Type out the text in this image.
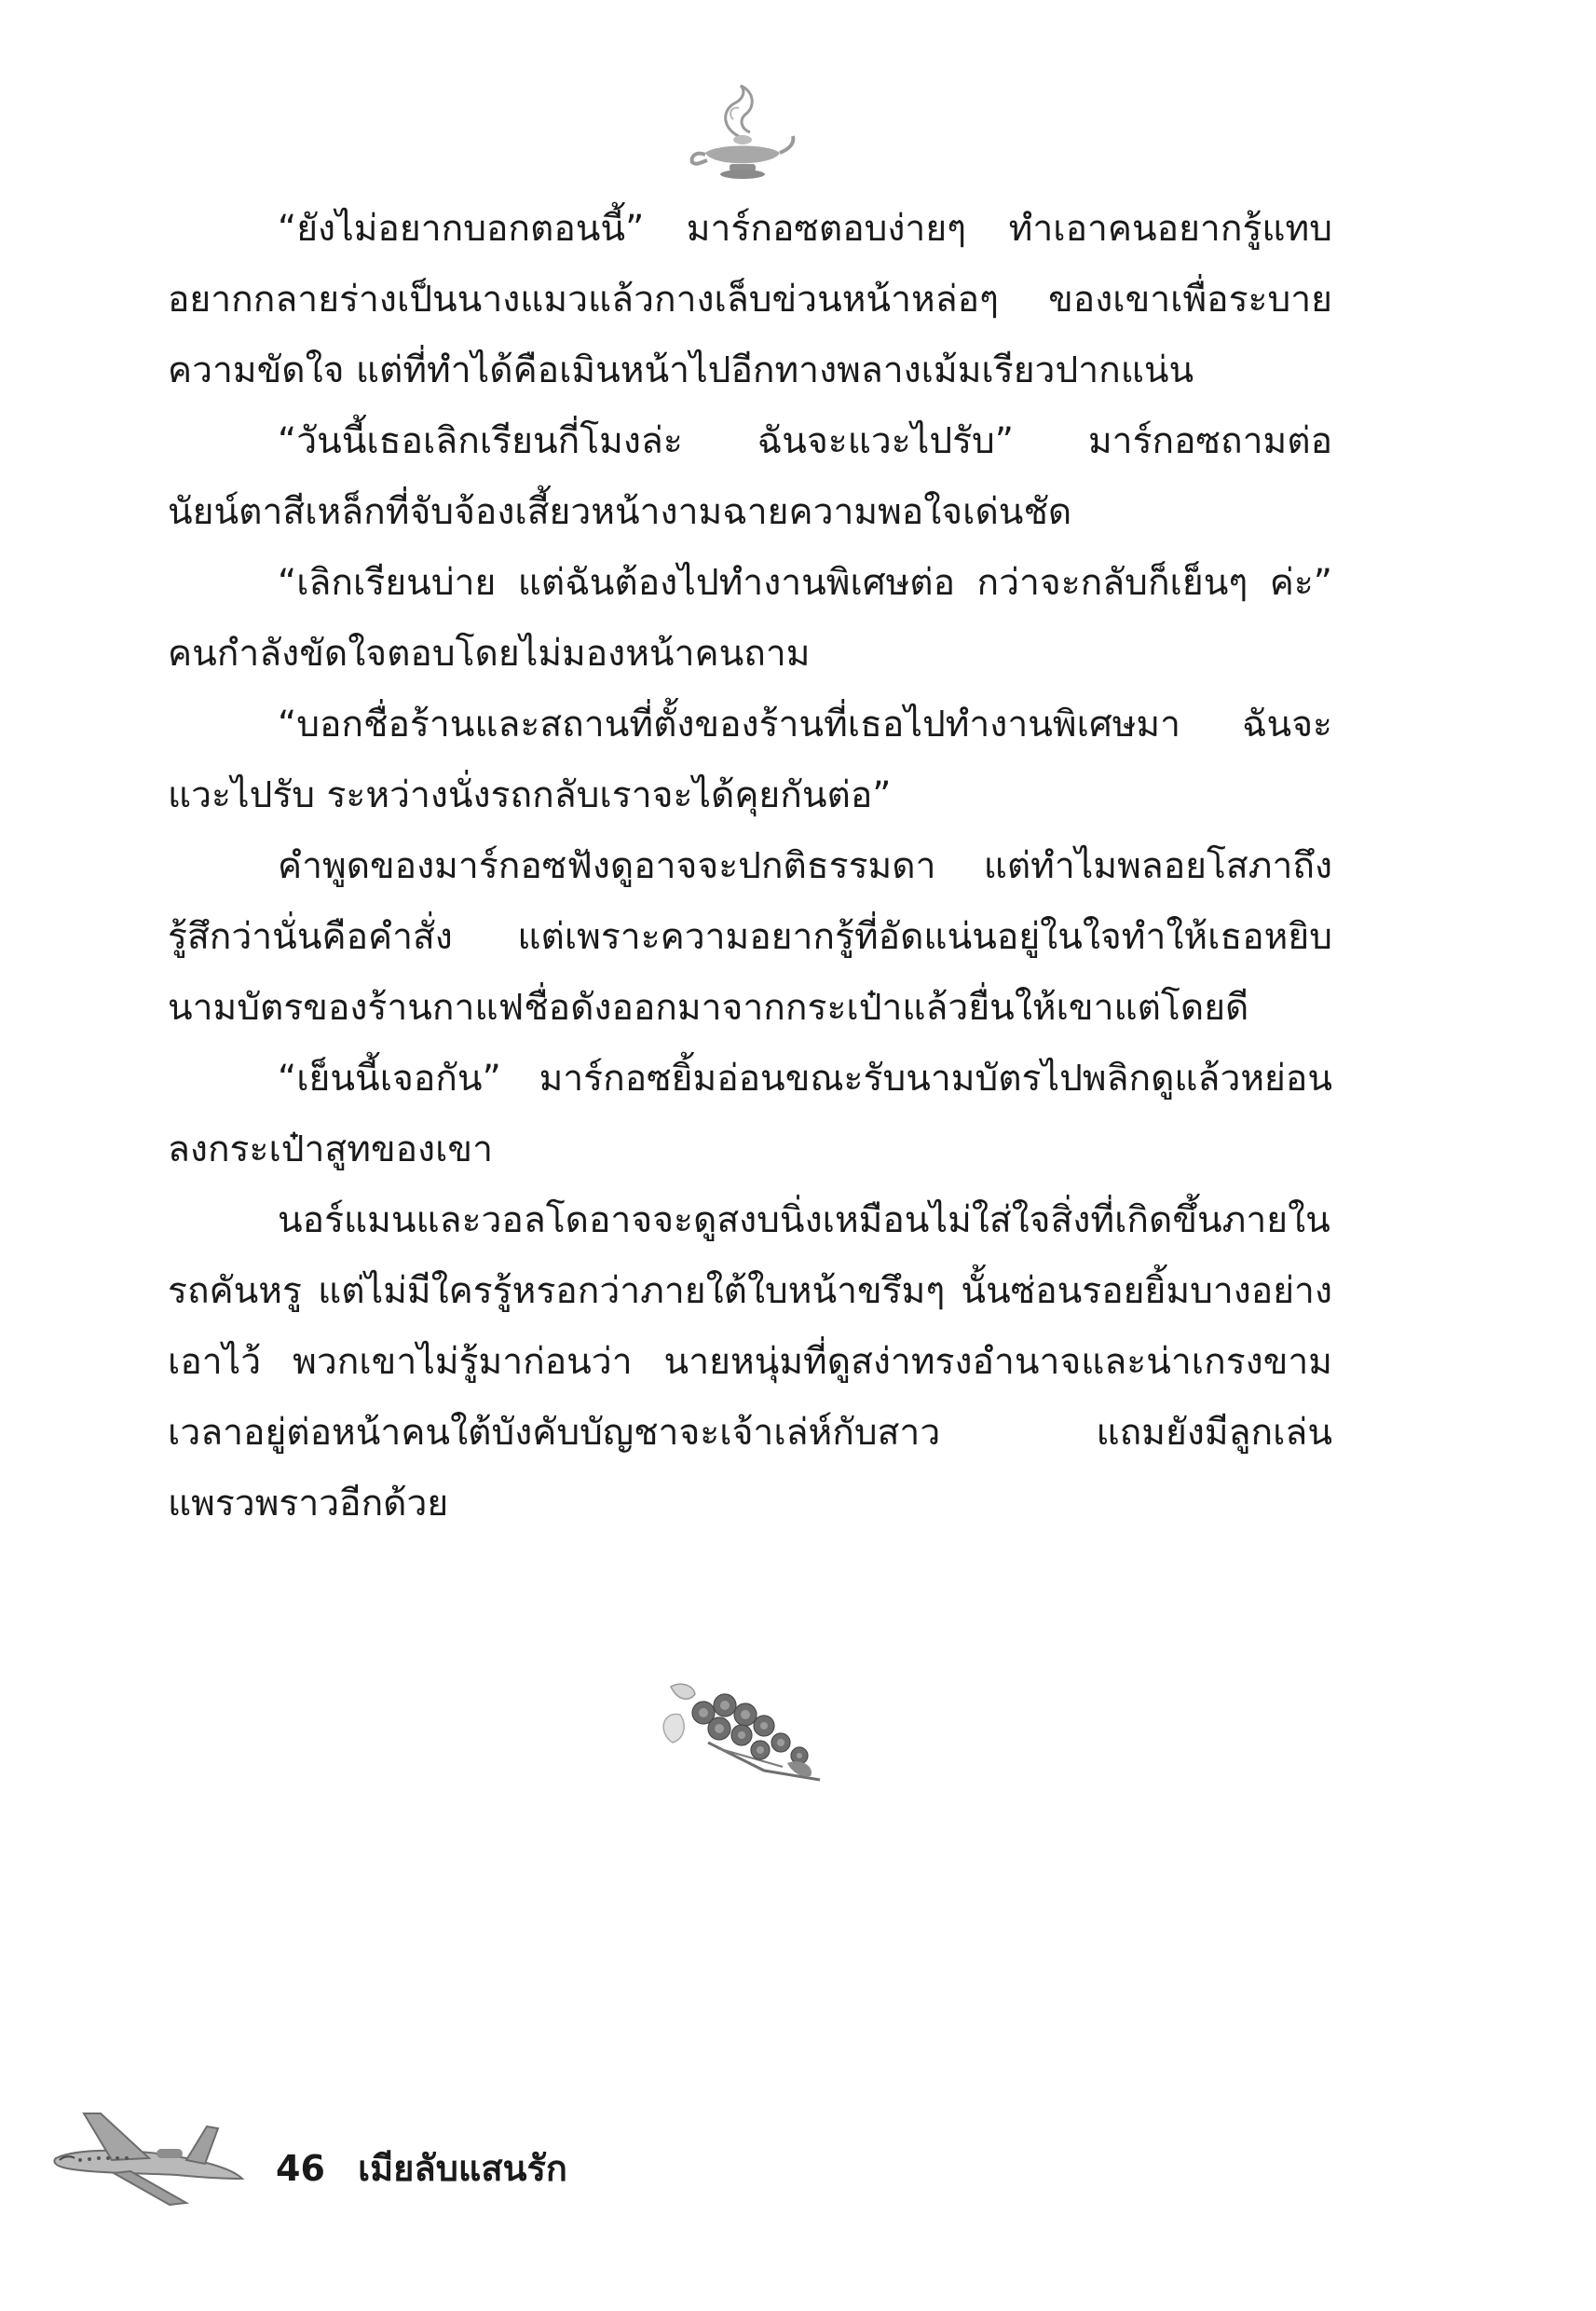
“ยังไม่อยากบอกตอนนี้” มาร์กอซตอบง่ายๆ ทำเอาคนอยากรู้แทบอยากกลายร่างเป็นนางแมวแล้วกางเล็บข่วนหน้าหล่อๆ ของเขาเพื่อระบายความขัดใจ แต่ที่ทำได้คือเมินหน้าไปอีกทางพลางเม้มเรียวปากแน่น

“วันนี้เธอเลิกเรียนกี่โมงล่ะ ฉันจะแวะไปรับ” มาร์กอซถามต่อ นัยน์ตาสีเหล็กที่จับจ้องเสี้ยวหน้างามฉายความพอใจเด่นชัด

“เลิกเรียนบ่าย แต่ฉันต้องไปทำงานพิเศษต่อ กว่าจะกลับก็เย็นๆ ค่ะ” คนกำลังขัดใจตอบโดยไม่มองหน้าคนถาม

“บอกชื่อร้านและสถานที่ตั้งของร้านที่เธอไปทำงานพิเศษมา ฉันจะแวะไปรับ ระหว่างนั่งรถกลับเราจะได้คุยกันต่อ”

คำพูดของมาร์กอซฟังดูอาจจะปกติธรรมดา แต่ทำไมพลอยโสภาถึงรู้สึกว่านั่นคือคำสั่ง แต่เพราะความอยากรู้ที่อัดแน่นอยู่ในใจทำให้เธอหยิบนามบัตรของร้านกาแฟชื่อดังออกมาจากกระเป๋าแล้วยื่นให้เขาแต่โดยดี

“เย็นนี้เจอกัน” มาร์กอซยิ้มอ่อนขณะรับนามบัตรไปพลิกดูแล้วหย่อนลงกระเป๋าสูทของเขา

นอร์แมนและวอลโดอาจจะดูสงบนิ่งเหมือนไม่ใส่ใจสิ่งที่เกิดขึ้นภายในรถคันหรู แต่ไม่มีใครรู้หรอกว่าภายใต้ใบหน้าขรึมๆ นั้นซ่อนรอยยิ้มบางอย่างเอาไว้ พวกเขาไม่รู้มาก่อนว่า นายหนุ่มที่ดูสง่าทรงอำนาจและน่าเกรงขามเวลาอยู่ต่อหน้าคนใต้บังคับบัญชาจะเจ้าเล่ห์กับสาว แถมยังมีลูกเล่นแพรวพราวอีกด้วย

46 เมียลับแสนรัก
